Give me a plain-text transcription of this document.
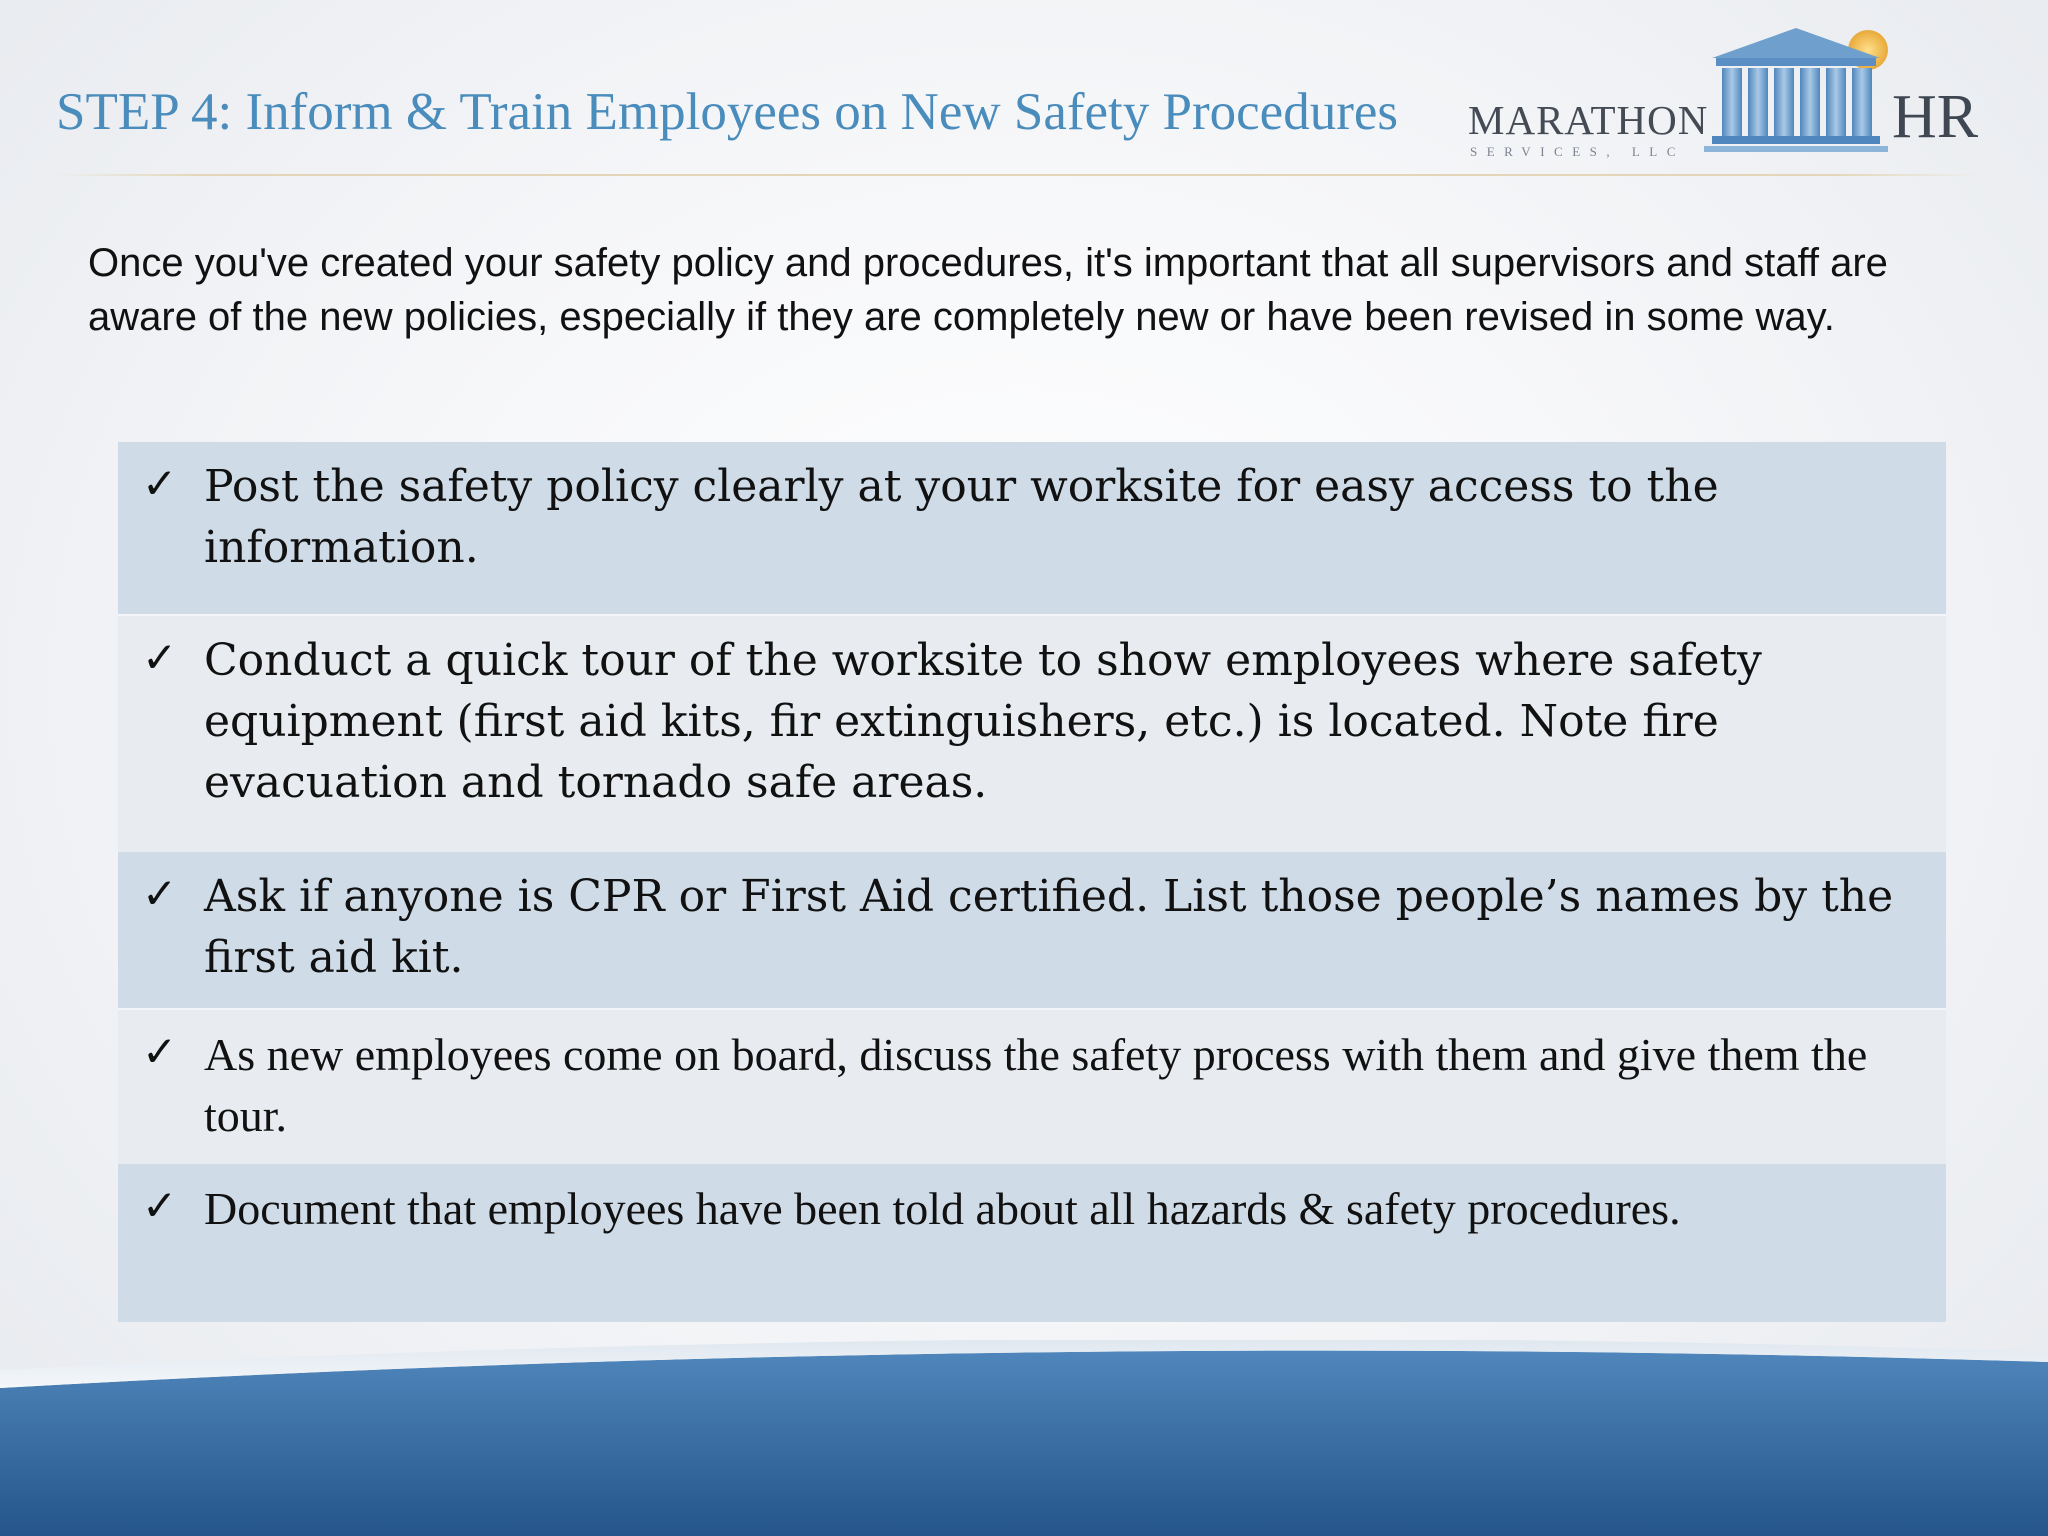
STEP 4: Inform & Train Employees on New Safety Procedures MARATHON
SERVICES, LLC
HR

Once you've created your safety policy and procedures, it's important that all supervisors and staff are aware of the new policies, especially if they are completely new or have been revised in some way.

✓ Post the safety policy clearly at your worksite for easy access to the information.
✓ Conduct a quick tour of the worksite to show employees where safety equipment (first aid kits, fir extinguishers, etc.) is located. Note fire evacuation and tornado safe areas.
✓ Ask if anyone is CPR or First Aid certified. List those people’s names by the first aid kit.
✓ As new employees come on board, discuss the safety process with them and give them the tour.
✓ Document that employees have been told about all hazards & safety procedures.
